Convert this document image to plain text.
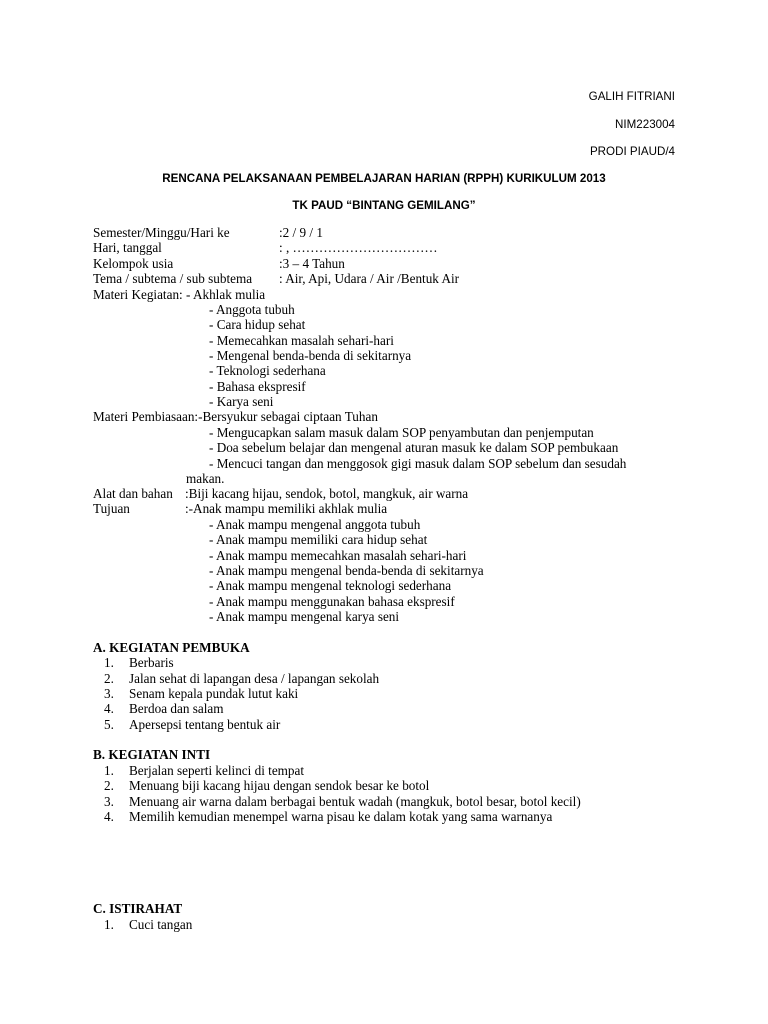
GALIH FITRIANI
NIM223004
PRODI PIAUD/4
RENCANA PELAKSANAAN PEMBELAJARAN HARIAN (RPPH) KURIKULUM 2013
TK PAUD “BINTANG GEMILANG”
Semester/Minggu/Hari ke	:2 / 9 / 1
Hari, tanggal	: , ……………………………
Kelompok usia	:3 – 4 Tahun
Tema / subtema / sub subtema : Air, Api, Udara / Air /Bentuk Air
Materi Kegiatan: - Akhlak mulia
- Anggota tubuh
- Cara hidup sehat
- Memecahkan masalah sehari-hari
- Mengenal benda-benda di sekitarnya
- Teknologi sederhana
- Bahasa ekspresif
- Karya seni
Materi Pembiasaan:-Bersyukur sebagai ciptaan Tuhan
- Mengucapkan salam masuk dalam SOP penyambutan dan penjemputan
- Doa sebelum belajar dan mengenal aturan masuk ke dalam SOP pembukaan
- Mencuci tangan dan menggosok gigi masuk dalam SOP sebelum dan sesudah
makan.
Alat dan bahan :Biji kacang hijau, sendok, botol, mangkuk, air warna
Tujuan	:-Anak mampu memiliki akhlak mulia
- Anak mampu mengenal anggota tubuh
- Anak mampu memiliki cara hidup sehat
- Anak mampu memecahkan masalah sehari-hari
- Anak mampu mengenal benda-benda di sekitarnya
- Anak mampu mengenal teknologi sederhana
- Anak mampu menggunakan bahasa ekspresif
- Anak mampu mengenal karya seni
A. KEGIATAN PEMBUKA
1. Berbaris
2. Jalan sehat di lapangan desa / lapangan sekolah
3. Senam kepala pundak lutut kaki
4. Berdoa dan salam
5. Apersepsi tentang bentuk air
B. KEGIATAN INTI
1. Berjalan seperti kelinci di tempat
2. Menuang biji kacang hijau dengan sendok besar ke botol
3. Menuang air warna dalam berbagai bentuk wadah (mangkuk, botol besar, botol kecil)
4. Memilih kemudian menempel warna pisau ke dalam kotak yang sama warnanya
C. ISTIRAHAT
1. Cuci tangan
